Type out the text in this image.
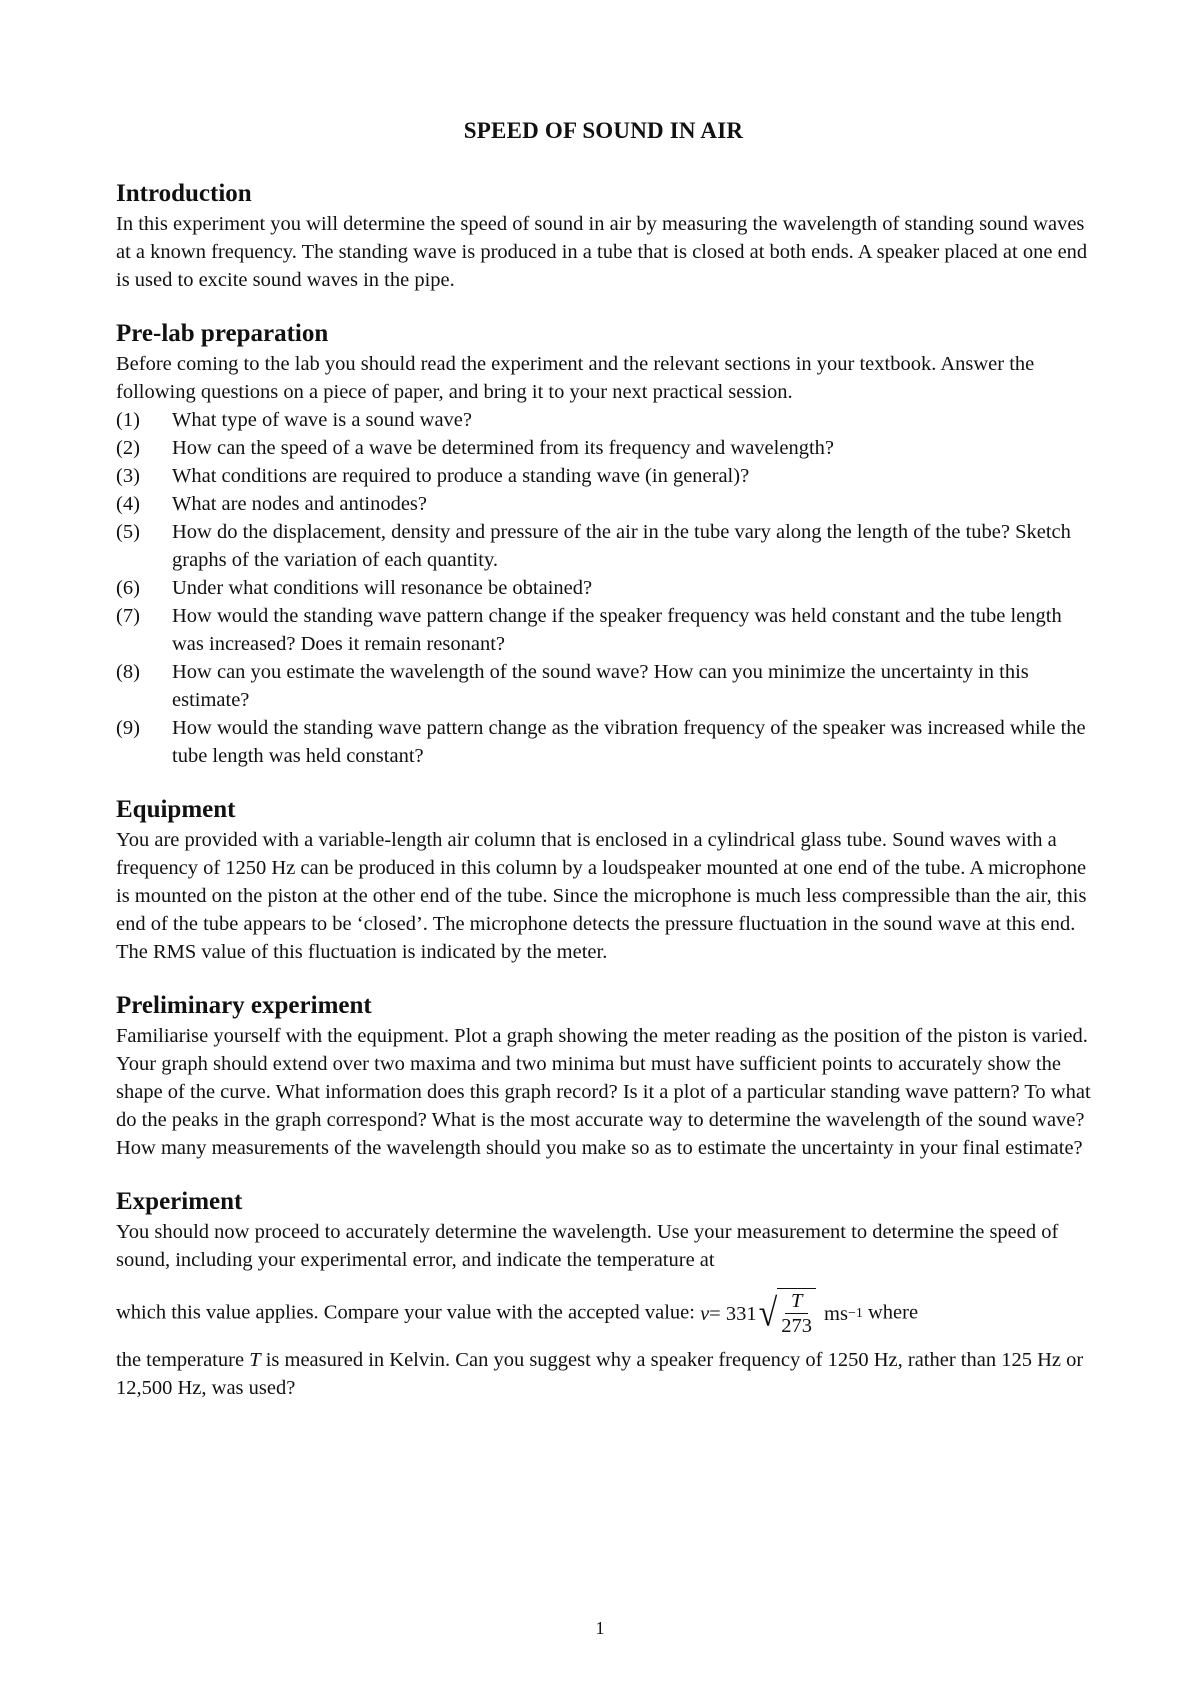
SPEED OF SOUND IN AIR
Introduction

In this experiment you will determine the speed of sound in air by measuring the wavelength of standing sound waves at a known frequency. The standing wave is produced in a tube that is closed at both ends. A speaker placed at one end is used to excite sound waves in the pipe.

Pre-lab preparation

Before coming to the lab you should read the experiment and the relevant sections in your textbook. Answer the following questions on a piece of paper, and bring it to your next practical session.

(1) What type of wave is a sound wave?
(2) How can the speed of a wave be determined from its frequency and wavelength?
(3) What conditions are required to produce a standing wave (in general)?
(4) What are nodes and antinodes?
(5) How do the displacement, density and pressure of the air in the tube vary along the length of the tube? Sketch graphs of the variation of each quantity.
(6) Under what conditions will resonance be obtained?
(7) How would the standing wave pattern change if the speaker frequency was held constant and the tube length was increased? Does it remain resonant?
(8) How can you estimate the wavelength of the sound wave? How can you minimize the uncertainty in this estimate?
(9) How would the standing wave pattern change as the vibration frequency of the speaker was increased while the tube length was held constant?
Equipment

You are provided with a variable-length air column that is enclosed in a cylindrical glass tube. Sound waves with a frequency of 1250 Hz can be produced in this column by a loudspeaker mounted at one end of the tube. A microphone is mounted on the piston at the other end of the tube. Since the microphone is much less compressible than the air, this end of the tube appears to be ‘closed’. The microphone detects the pressure fluctuation in the sound wave at this end. The RMS value of this fluctuation is indicated by the meter.

Preliminary experiment

Familiarise yourself with the equipment. Plot a graph showing the meter reading as the position of the piston is varied. Your graph should extend over two maxima and two minima but must have sufficient points to accurately show the shape of the curve. What information does this graph record? Is it a plot of a particular standing wave pattern? To what do the peaks in the graph correspond? What is the most accurate way to determine the wavelength of the sound wave? How many measurements of the wavelength should you make so as to estimate the uncertainty in your final estimate?

Experiment

You should now proceed to accurately determine the wavelength. Use your measurement to determine the speed of sound, including your experimental error, and indicate the temperature at

which this value applies. Compare your value with the accepted value: v = 331 √ $\frac{T}{273}$ ms −1 where

the temperature T is measured in Kelvin. Can you suggest why a speaker frequency of 1250 Hz, rather than 125 Hz or 12,500 Hz, was used?

1
